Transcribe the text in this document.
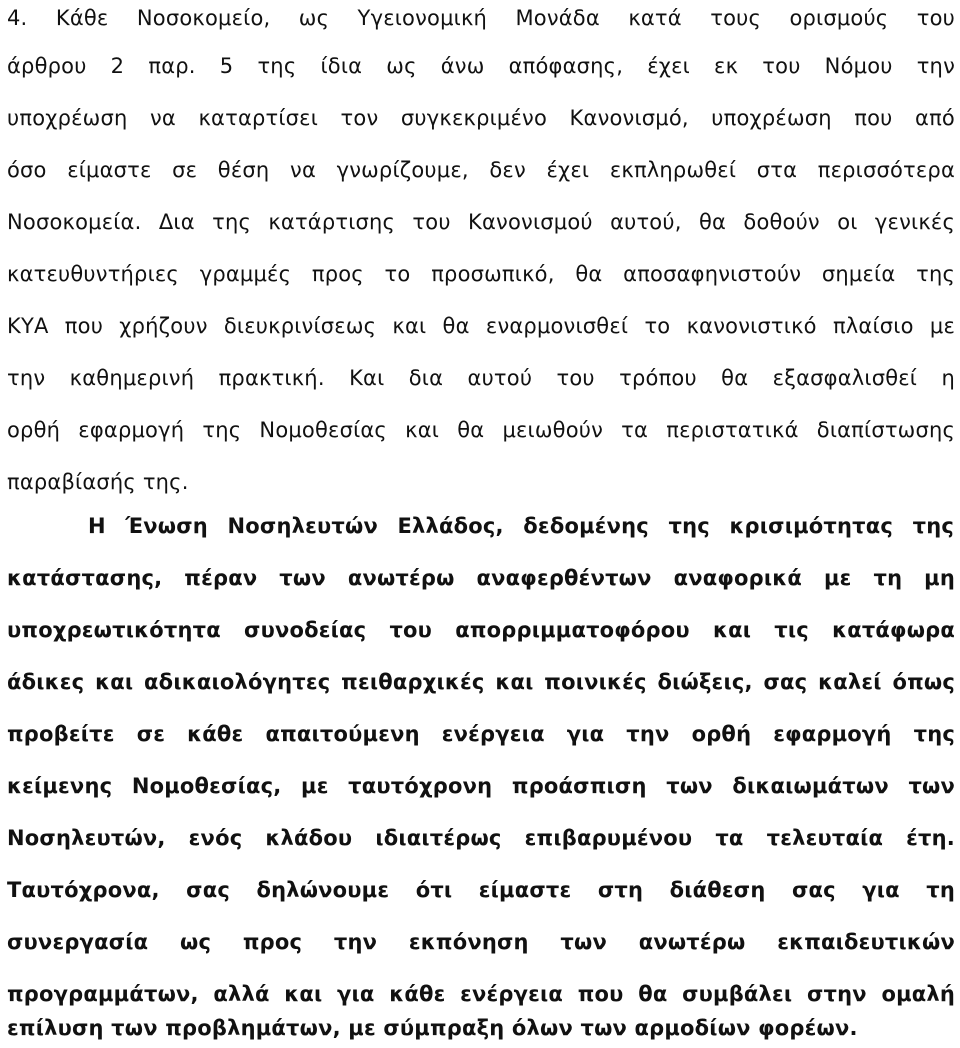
4. Κάθε Νοσοκομείο, ως Υγειονομική Μονάδα κατά τους ορισμούς του
άρθρου 2 παρ. 5 της ίδια ως άνω απόφασης, έχει εκ του Νόμου την
υποχρέωση να καταρτίσει τον συγκεκριμένο Κανονισμό, υποχρέωση που από
όσο είμαστε σε θέση να γνωρίζουμε, δεν έχει εκπληρωθεί στα περισσότερα
Νοσοκομεία. Δια της κατάρτισης του Κανονισμού αυτού, θα δοθούν οι γενικές
κατευθυντήριες γραμμές προς το προσωπικό, θα αποσαφηνιστούν σημεία της
ΚΥΑ που χρήζουν διευκρινίσεως και θα εναρμονισθεί το κανονιστικό πλαίσιο με
την καθημερινή πρακτική. Και δια αυτού του τρόπου θα εξασφαλισθεί η
ορθή εφαρμογή της Νομοθεσίας και θα μειωθούν τα περιστατικά διαπίστωσης
παραβίασής της.
Η Ένωση Νοσηλευτών Ελλάδος, δεδομένης της κρισιμότητας της
κατάστασης, πέραν των ανωτέρω αναφερθέντων αναφορικά με τη μη
υποχρεωτικότητα συνοδείας του απορριμματοφόρου και τις κατάφωρα
άδικες και αδικαιολόγητες πειθαρχικές και ποινικές διώξεις, σας καλεί όπως
προβείτε σε κάθε απαιτούμενη ενέργεια για την ορθή εφαρμογή της
κείμενης Νομοθεσίας, με ταυτόχρονη προάσπιση των δικαιωμάτων των
Νοσηλευτών, ενός κλάδου ιδιαιτέρως επιβαρυμένου τα τελευταία έτη.
Ταυτόχρονα, σας δηλώνουμε ότι είμαστε στη διάθεση σας για τη
συνεργασία ως προς την εκπόνηση των ανωτέρω εκπαιδευτικών
προγραμμάτων, αλλά και για κάθε ενέργεια που θα συμβάλει στην ομαλή
επίλυση των προβλημάτων, με σύμπραξη όλων των αρμοδίων φορέων.
